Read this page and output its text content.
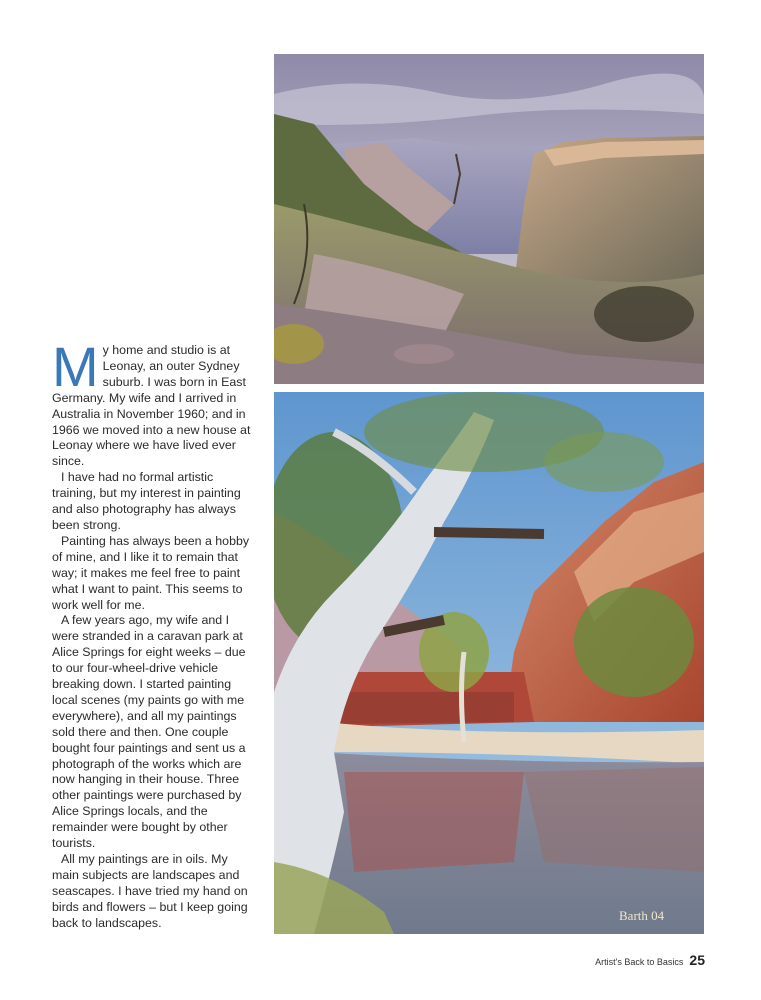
My home and studio is at Leonay, an outer Sydney suburb. I was born in East Germany. My wife and I arrived in Australia in November 1960; and in 1966 we moved into a new house at Leonay where we have lived ever since.

I have had no formal artistic training, but my interest in painting and also photography has always been strong.

Painting has always been a hobby of mine, and I like it to remain that way; it makes me feel free to paint what I want to paint. This seems to work well for me.

A few years ago, my wife and I were stranded in a caravan park at Alice Springs for eight weeks – due to our four-wheel-drive vehicle breaking down. I started painting local scenes (my paints go with me everywhere), and all my paintings sold there and then. One couple bought four paintings and sent us a photograph of the works which are now hanging in their house. Three other paintings were purchased by Alice Springs locals, and the remainder were bought by other tourists.

All my paintings are in oils. My main subjects are landscapes and seascapes. I have tried my hand on birds and flowers – but I keep going back to landscapes.	Barth 04
Artist's Back to Basics 25
